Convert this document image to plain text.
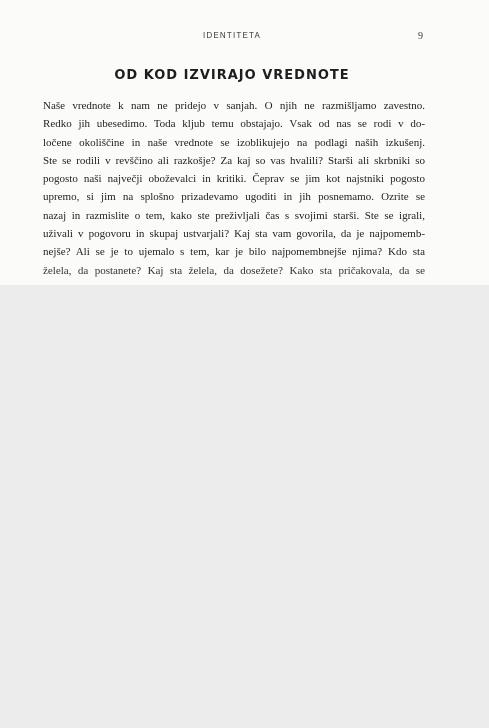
IDENTITETA	9
OD KOD IZVIRAJO VREDNOTE
Naše vrednote k nam ne pridejo v sanjah. O njih ne razmišljamo zavestno.
Redko jih ubesedimo. Toda kljub temu obstajajo. Vsak od nas se rodi v do-
ločene okoliščine in naše vrednote se izoblikujejo na podlagi naših izkušenj.
Ste se rodili v revščino ali razkošje? Za kaj so vas hvalili? Starši ali skrbniki so
pogosto naši največji oboževalci in kritiki. Čeprav se jim kot najstniki pogosto
upremo, si jim na splošno prizadevamo ugoditi in jih posnemamo. Ozrite se
nazaj in razmislite o tem, kako ste preživljali čas s svojimi starši. Ste se igrali,
uživali v pogovoru in skupaj ustvarjali? Kaj sta vam govorila, da je najpomemb-
nejše? Ali se je to ujemalo s tem, kar je bilo najpomembnejše njima? Kdo sta
želela, da postanete? Kaj sta želela, da dosežete? Kako sta pričakovala, da se
